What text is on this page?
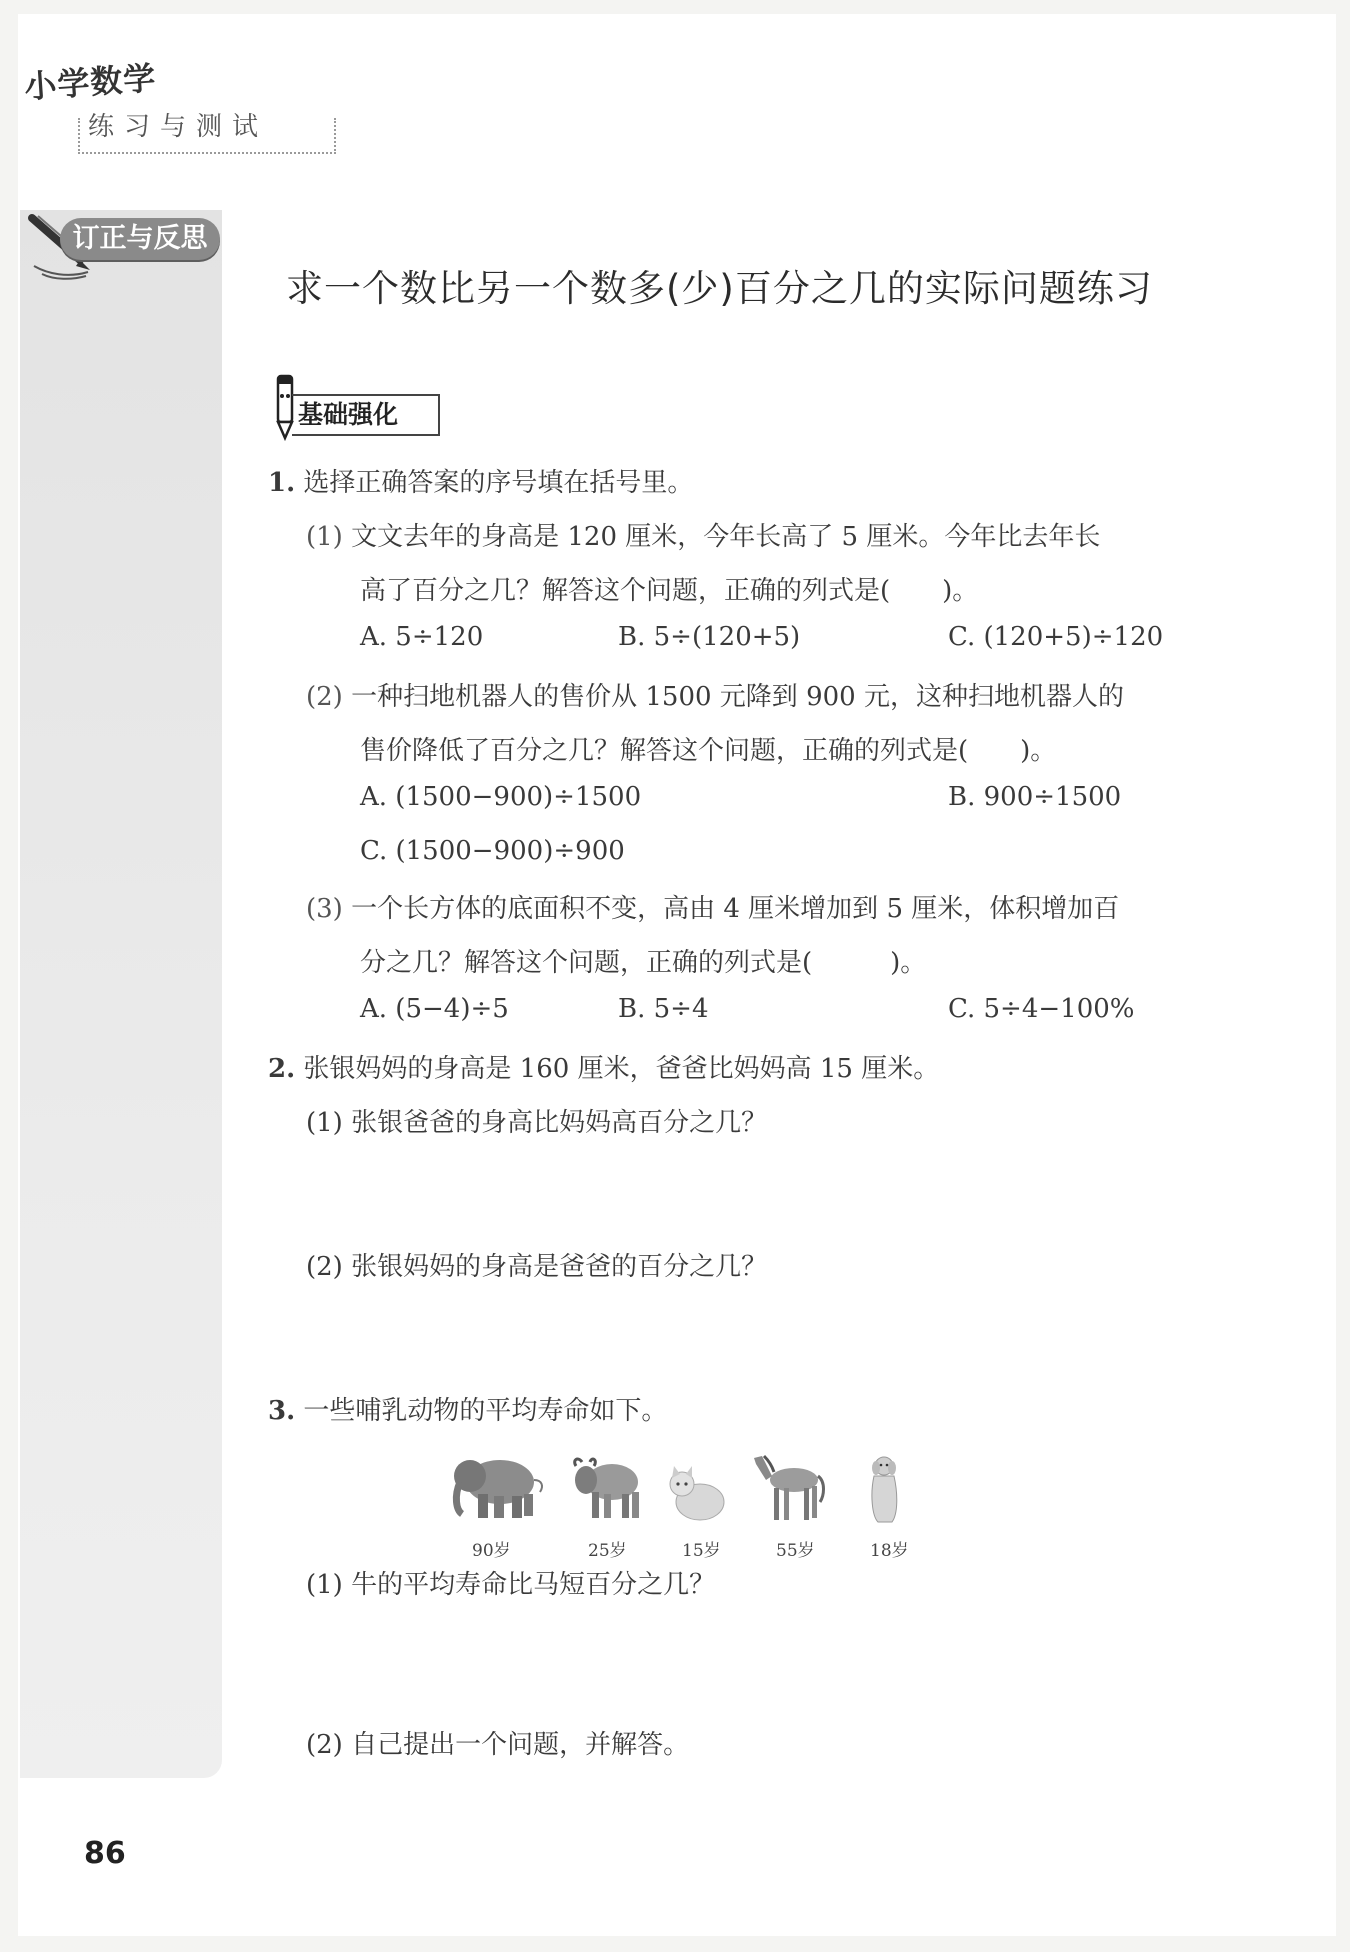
小学数学
练习与测试
订正与反思
求一个数比另一个数多(少)百分之几的实际问题练习
基础强化
1. 选择正确答案的序号填在括号里。
(1) 文文去年的身高是 120 厘米，今年长高了 5 厘米。今年比去年长
高了百分之几？解答这个问题，正确的列式是(　　)。
A. 5÷120	B. 5÷(120+5)	C. (120+5)÷120
(2) 一种扫地机器人的售价从 1500 元降到 900 元，这种扫地机器人的
售价降低了百分之几？解答这个问题，正确的列式是(　　)。
A. (1500−900)÷1500	B. 900÷1500
C. (1500−900)÷900
(3) 一个长方体的底面积不变，高由 4 厘米增加到 5 厘米，体积增加百
分之几？解答这个问题，正确的列式是(　　　)。
A. (5−4)÷5	B. 5÷4	C. 5÷4−100%
2. 张银妈妈的身高是 160 厘米，爸爸比妈妈高 15 厘米。
(1) 张银爸爸的身高比妈妈高百分之几？
(2) 张银妈妈的身高是爸爸的百分之几？
3. 一些哺乳动物的平均寿命如下。
90岁	25岁	15岁	55岁	18岁
(1) 牛的平均寿命比马短百分之几？
(2) 自己提出一个问题，并解答。
86
